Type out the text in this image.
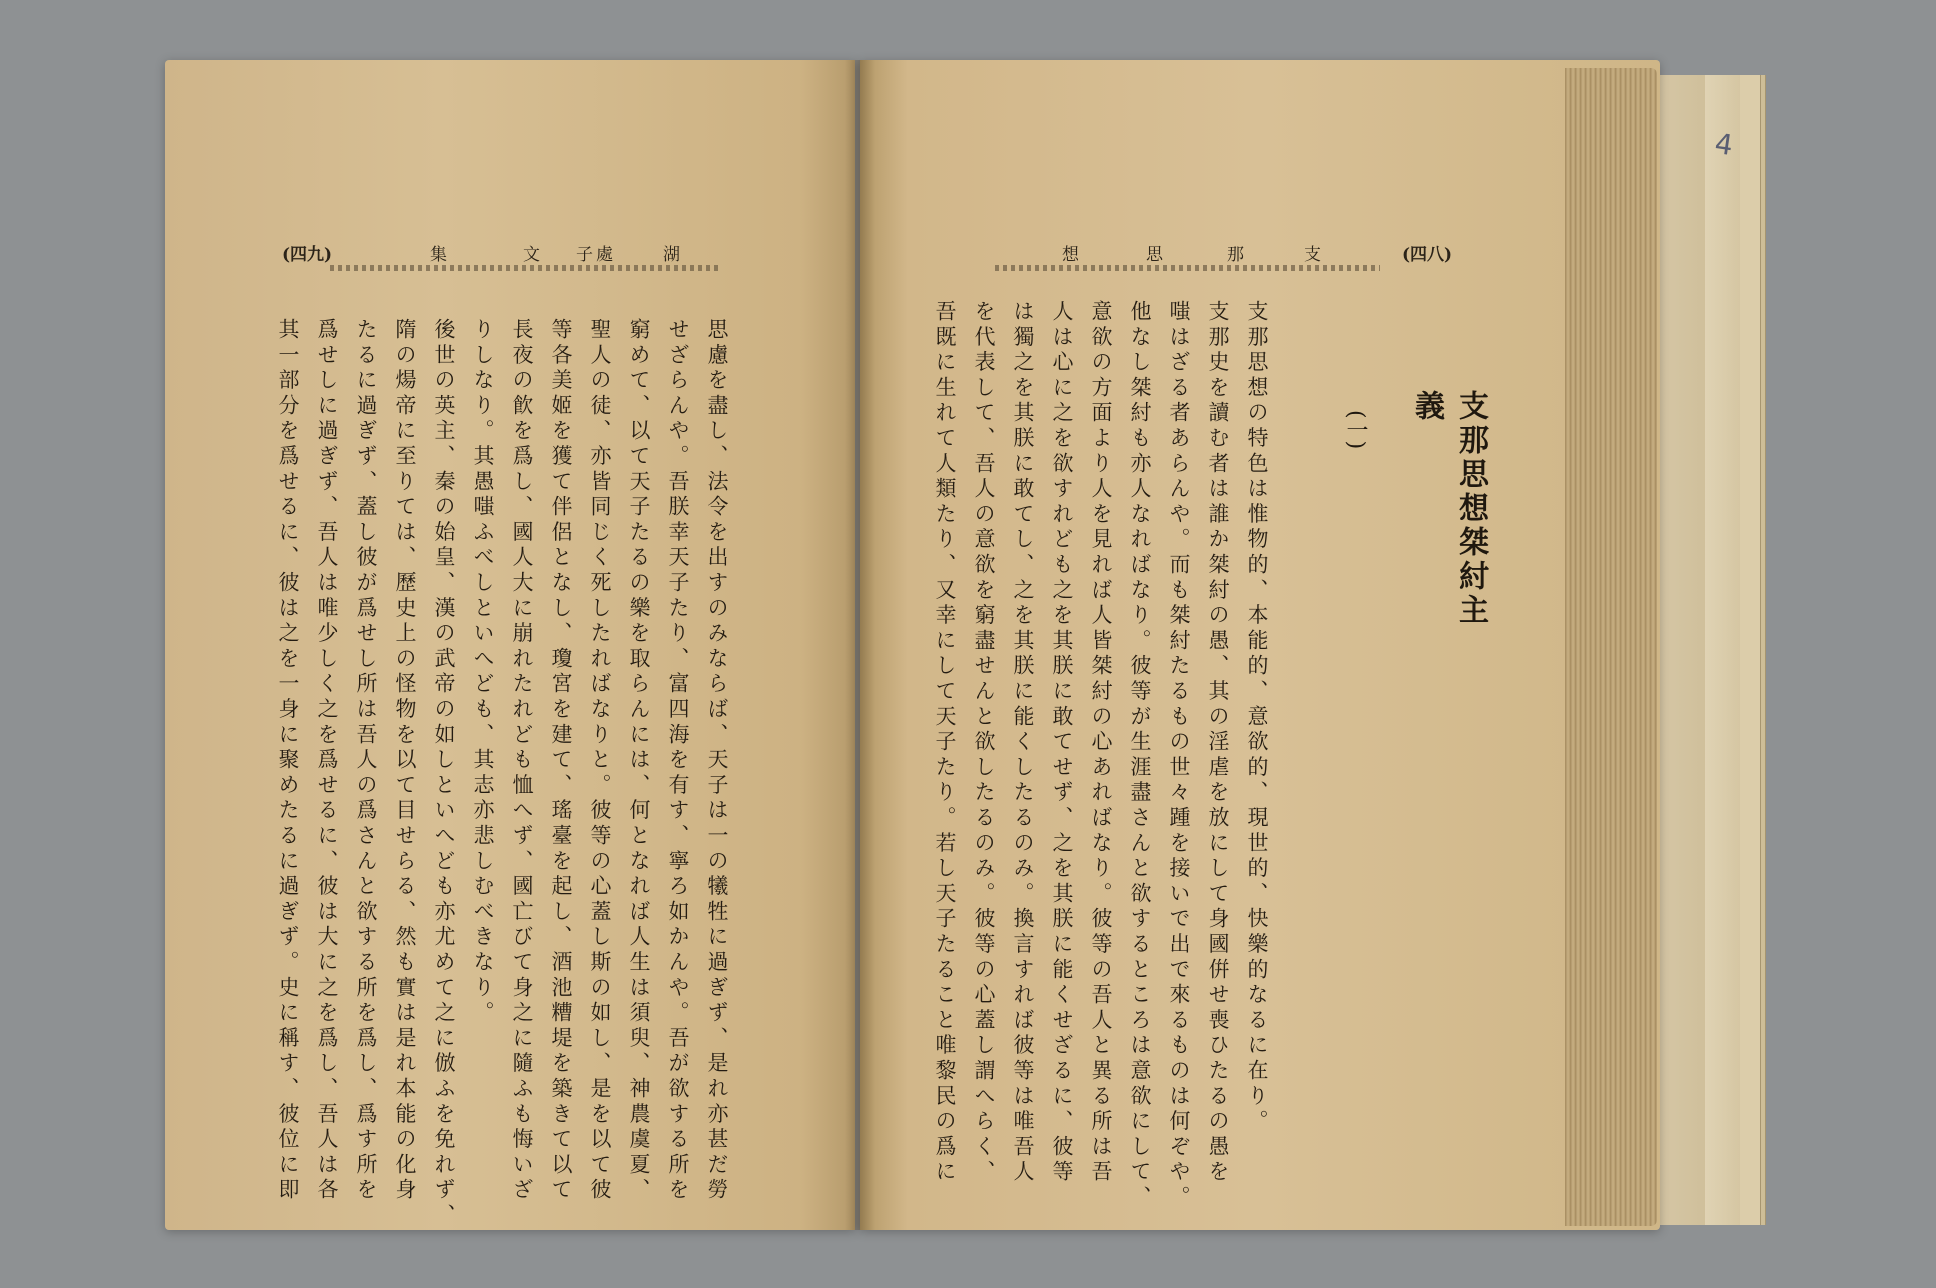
4
(四九)	集	文 子 處	湖

思慮を盡し、法令を出すのみならば、天子は一の犧牲に過ぎず、是れ亦甚だ勞

せざらんや。吾朕幸天子たり、富四海を有す、寧ろ如かんや。吾が欲する所を

窮めて、以て天子たるの樂を取らんには、何となれば人生は須臾、神農虞夏、

聖人の徒、亦皆同じく死したればなりと。彼等の心蓋し斯の如し、是を以て彼

等各美姬を獲て伴侶となし、瓊宮を建て、瑤臺を起し、酒池糟堤を築きて以て

長夜の飮を爲し、國人大に崩れたれども恤へず、國亡びて身之に隨ふも悔いざ

りしなり。其愚嗤ふべしといへども、其志亦悲しむべきなり。

後世の英主、秦の始皇、漢の武帝の如しといへども亦尤めて之に倣ふを免れず、

隋の煬帝に至りては、歷史上の怪物を以て目せらる、然も實は是れ本能の化身

たるに過ぎず、蓋し彼が爲せし所は吾人の爲さんと欲する所を爲し、爲す所を

爲せしに過ぎず、吾人は唯少しく之を爲せるに、彼は大に之を爲し、吾人は各

其一部分を爲せるに、彼は之を一身に聚めたるに過ぎず。史に稱す、彼位に即

支
那
思
想	(四八)
支那思想桀紂主義
(一)

支那思想の特色は惟物的、本能的、意欲的、現世的、快樂的なるに在り。

支那史を讀む者は誰か桀紂の愚、其の淫虐を放にして身國倂せ喪ひたるの愚を

嗤はざる者あらんや。而も桀紂たるもの世々踵を接いで出で來るものは何ぞや。

他なし桀紂も亦人なればなり。彼等が生涯盡さんと欲するところは意欲にして、

意欲の方面より人を見れば人皆桀紂の心あればなり。彼等の吾人と異る所は吾

人は心に之を欲すれども之を其朕に敢てせず、之を其朕に能くせざるに、彼等

は獨之を其朕に敢てし、之を其朕に能くしたるのみ。換言すれば彼等は唯吾人

を代表して、吾人の意欲を窮盡せんと欲したるのみ。彼等の心蓋し謂へらく、

吾既に生れて人類たり、又幸にして天子たり。若し天子たること唯黎民の爲に
